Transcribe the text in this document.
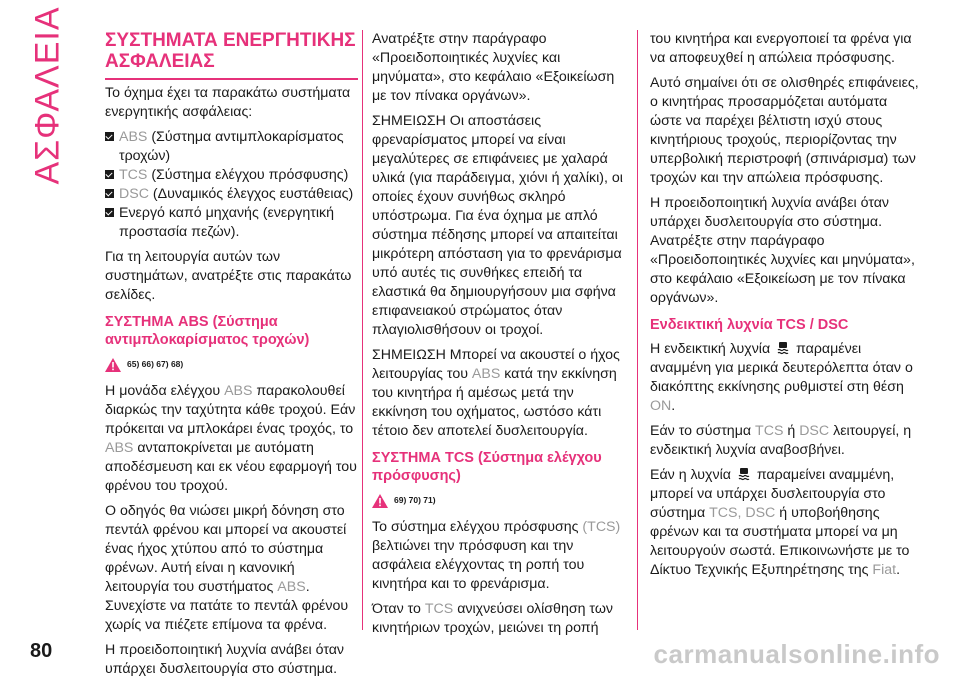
ΑΣΦΑΛΕΙΑ ΣΥΣΤΗΜΑΤΑ ΕΝΕΡΓΗΤΙΚΗΣ ΑΣΦΑΛΕΙΑΣ

Το όχημα έχει τα παρακάτω συστήματα ενεργητικής ασφάλειας:

ABS (Σύστημα αντιμπλοκαρίσματος τροχών)
TCS (Σύστημα ελέγχου πρόσφυσης)
DSC (Δυναμικός έλεγχος ευστάθειας)
Ενεργό καπό μηχανής (ενεργητική προστασία πεζών).

Για τη λειτουργία αυτών των συστημάτων, ανατρέξτε στις παρακάτω σελίδες.

ΣΥΣΤΗΜΑ ABS (Σύστημα αντιμπλοκαρίσματος τροχών)
65) 66) 67) 68)

Η μονάδα ελέγχου ABS παρακολουθεί διαρκώς την ταχύτητα κάθε τροχού. Εάν πρόκειται να μπλοκάρει ένας τροχός, το ABS ανταποκρίνεται με αυτόματη αποδέσμευση και εκ νέου εφαρμογή του φρένου του τροχού.

Ο οδηγός θα νιώσει μικρή δόνηση στο πεντάλ φρένου και μπορεί να ακουστεί ένας ήχος χτύπου από το σύστημα φρένων. Αυτή είναι η κανονική λειτουργία του συστήματος ABS. Συνεχίστε να πατάτε το πεντάλ φρένου χωρίς να πιέζετε επίμονα τα φρένα.

Η προειδοποιητική λυχνία ανάβει όταν υπάρχει δυσλειτουργία στο σύστημα.

Ανατρέξτε στην παράγραφο «Προειδοποιητικές λυχνίες και μηνύματα», στο κεφάλαιο «Εξοικείωση με τον πίνακα οργάνων».

ΣΗΜΕΙΩΣΗ Οι αποστάσεις φρεναρίσματος μπορεί να είναι μεγαλύτερες σε επιφάνειες με χαλαρά υλικά (για παράδειγμα, χιόνι ή χαλίκι), οι οποίες έχουν συνήθως σκληρό υπόστρωμα. Για ένα όχημα με απλό σύστημα πέδησης μπορεί να απαιτείται μικρότερη απόσταση για το φρενάρισμα υπό αυτές τις συνθήκες επειδή τα ελαστικά θα δημιουργήσουν μια σφήνα επιφανειακού στρώματος όταν πλαγιολισθήσουν οι τροχοί.

ΣΗΜΕΙΩΣΗ Μπορεί να ακουστεί ο ήχος λειτουργίας του ABS κατά την εκκίνηση του κινητήρα ή αμέσως μετά την εκκίνηση του οχήματος, ωστόσο κάτι τέτοιο δεν αποτελεί δυσλειτουργία.

ΣΥΣΤΗΜΑ TCS (Σύστημα ελέγχου πρόσφυσης)
69) 70) 71)

Το σύστημα ελέγχου πρόσφυσης (TCS) βελτιώνει την πρόσφυση και την ασφάλεια ελέγχοντας τη ροπή του κινητήρα και το φρενάρισμα.

Όταν το TCS ανιχνεύσει ολίσθηση των κινητήριων τροχών, μειώνει τη ροπή

του κινητήρα και ενεργοποιεί τα φρένα για να αποφευχθεί η απώλεια πρόσφυσης.

Αυτό σημαίνει ότι σε ολισθηρές επιφάνειες, ο κινητήρας προσαρμόζεται αυτόματα ώστε να παρέχει βέλτιστη ισχύ στους κινητήριους τροχούς, περιορίζοντας την υπερβολική περιστροφή (σπινάρισμα) των τροχών και την απώλεια πρόσφυσης.

Η προειδοποιητική λυχνία ανάβει όταν υπάρχει δυσλειτουργία στο σύστημα. Ανατρέξτε στην παράγραφο «Προειδοποιητικές λυχνίες και μηνύματα», στο κεφάλαιο «Εξοικείωση με τον πίνακα οργάνων».

Ενδεικτική λυχνία TCS / DSC

Η ενδεικτική λυχνία  παραμένει αναμμένη για μερικά δευτερόλεπτα όταν ο διακόπτης εκκίνησης ρυθμιστεί στη θέση ON.

Εάν το σύστημα TCS ή DSC λειτουργεί, η ενδεικτική λυχνία αναβοσβήνει.

Εάν η λυχνία  παραμείνει αναμμένη, μπορεί να υπάρχει δυσλειτουργία στο σύστημα TCS, DSC ή υποβοήθησης φρένων και τα συστήματα μπορεί να μη λειτουργούν σωστά. Επικοινωνήστε με το Δίκτυο Τεχνικής Εξυπηρέτησης της Fiat.

80	carmanualsonline.info
